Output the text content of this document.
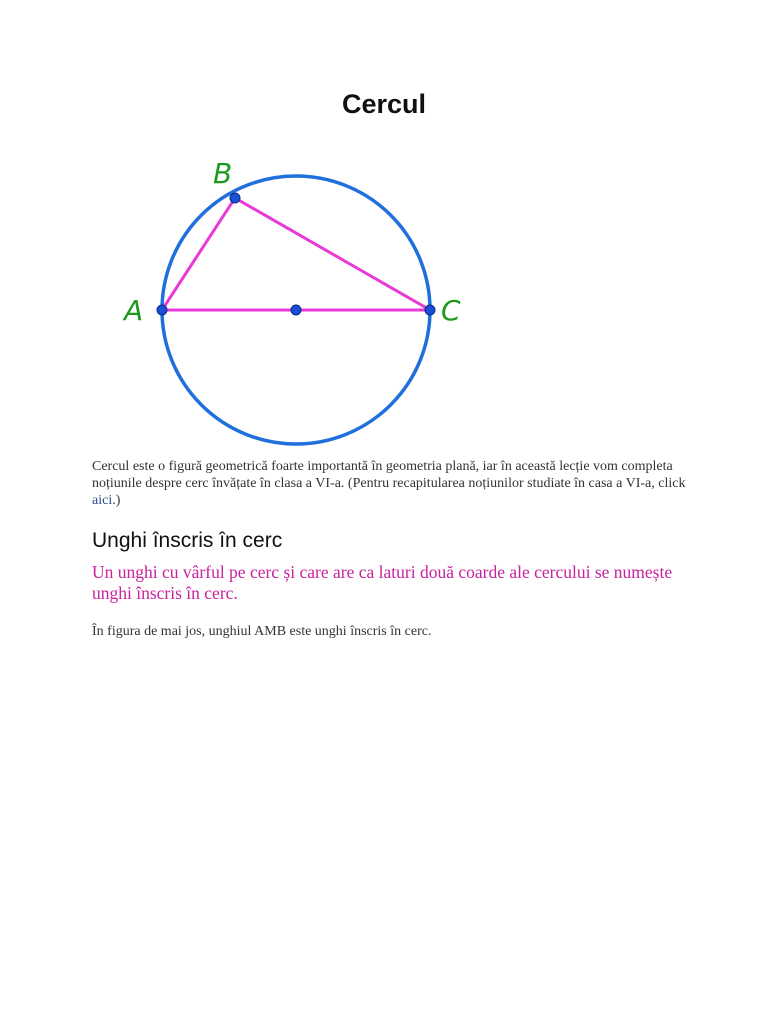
Cercul
A
B
C

Cercul este o figură geometrică foarte importantă în geometria plană, iar în această lecție vom completa noțiunile despre cerc învățate în clasa a VI-a. (Pentru recapitularea noțiunilor studiate în casa a VI-a, click aici.)

Unghi înscris în cerc

Un unghi cu vârful pe cerc și care are ca laturi două coarde ale cercului se numește unghi înscris în cerc.

În figura de mai jos, unghiul AMB este unghi înscris în cerc.
